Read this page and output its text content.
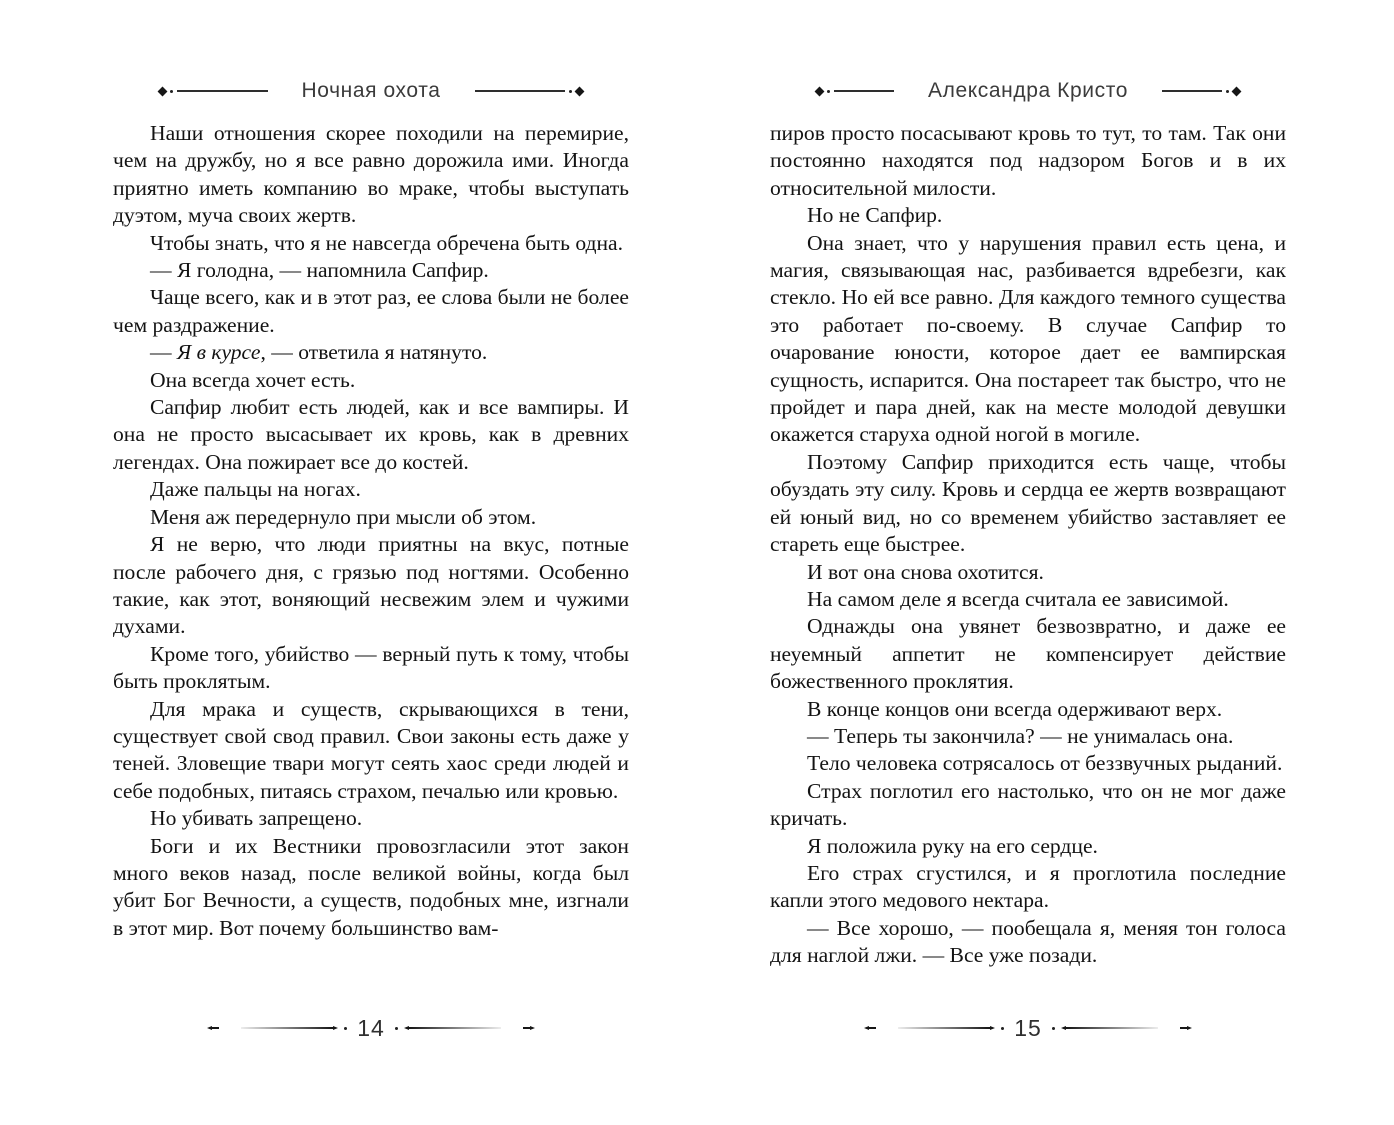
Ночная охота

Наши отношения скорее походили на перемирие, чем на дружбу, но я все равно дорожила ими. Иногда приятно иметь компанию во мраке, чтобы выступать дуэтом, муча своих жертв.

Чтобы знать, что я не навсегда обречена быть одна.

— Я голодна, — напомнила Сапфир.

Чаще всего, как и в этот раз, ее слова были не более чем раздражение.

— Я в курсе, — ответила я натянуто.

Она всегда хочет есть.

Сапфир любит есть людей, как и все вампиры. И она не просто высасывает их кровь, как в древних легендах. Она пожирает все до костей.

Даже пальцы на ногах.

Меня аж передернуло при мысли об этом.

Я не верю, что люди приятны на вкус, потные после рабочего дня, с грязью под ногтями. Особенно такие, как этот, воняющий несвежим элем и чужими духами.

Кроме того, убийство — верный путь к тому, чтобы быть проклятым.

Для мрака и существ, скрывающихся в тени, существует свой свод правил. Свои законы есть даже у теней. Зловещие твари могут сеять хаос среди людей и себе подобных, питаясь страхом, печалью или кровью.

Но убивать запрещено.

Боги и их Вестники провозгласили этот закон много веков назад, после великой войны, когда был убит Бог Вечности, а существ, подобных мне, изгнали в этот мир. Вот почему большинство вам-

14
Александра Кристо

пиров просто посасывают кровь то тут, то там. Так они постоянно находятся под надзором Богов и в их относительной милости.

Но не Сапфир.

Она знает, что у нарушения правил есть цена, и магия, связывающая нас, разбивается вдребезги, как стекло. Но ей все равно. Для каждого темного существа это работает по-своему. В случае Сапфир то очарование юности, которое дает ее вампирская сущность, испарится. Она постареет так быстро, что не пройдет и пара дней, как на месте молодой девушки окажется старуха одной ногой в могиле.

Поэтому Сапфир приходится есть чаще, чтобы обуздать эту силу. Кровь и сердца ее жертв возвращают ей юный вид, но со временем убийство заставляет ее стареть еще быстрее.

И вот она снова охотится.

На самом деле я всегда считала ее зависимой.

Однажды она увянет безвозвратно, и даже ее неуемный аппетит не компенсирует действие божественного проклятия.

В конце концов они всегда одерживают верх.

— Теперь ты закончила? — не унималась она.

Тело человека сотрясалось от беззвучных рыданий.

Страх поглотил его настолько, что он не мог даже кричать.

Я положила руку на его сердце.

Его страх сгустился, и я проглотила последние капли этого медового нектара.

— Все хорошо, — пообещала я, меняя тон голоса для наглой лжи. — Все уже позади.

15
